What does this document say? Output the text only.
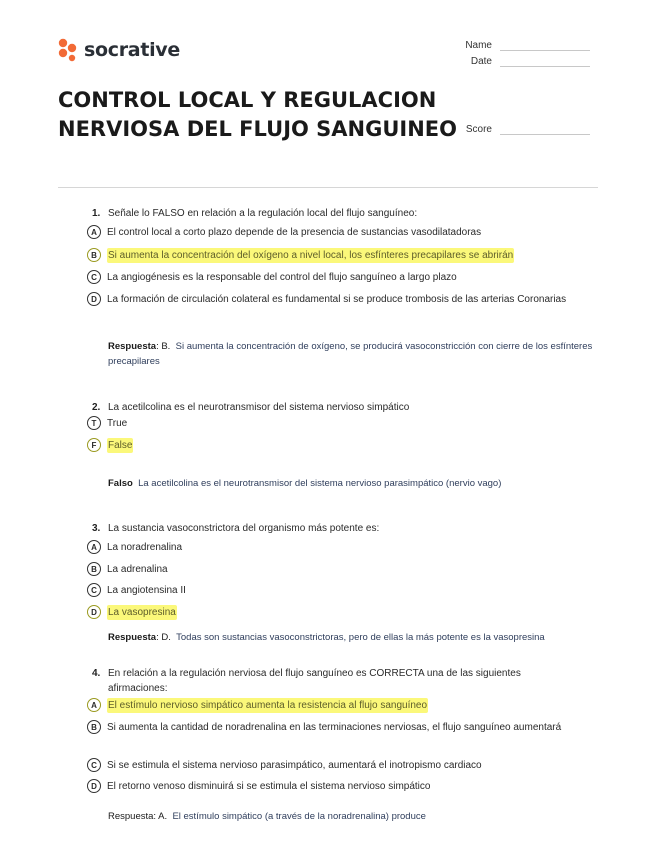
socrative	Name
Date
Score
CONTROL LOCAL Y REGULACION NERVIOSA DEL FLUJO SANGUINEO
1. Señale lo FALSO en relación a la regulación local del flujo sanguíneo:
A	El control local a corto plazo depende de la presencia de sustancias vasodilatadoras
B	Si aumenta la concentración del oxígeno a nivel local, los esfínteres precapilares se abrirán
C	La angiogénesis es la responsable del control del flujo sanguíneo a largo plazo
D	La formación de circulación colateral es fundamental si se produce trombosis de las arterias Coronarias
Respuesta: B. Si aumenta la concentración de oxígeno, se producirá vasoconstricción con cierre de los esfínteres precapilares
2. La acetilcolina es el neurotransmisor del sistema nervioso simpático
T	True
F	False
Falso La acetilcolina es el neurotransmisor del sistema nervioso parasimpático (nervio vago)
3. La sustancia vasoconstrictora del organismo más potente es:
A	La noradrenalina
B	La adrenalina
C	La angiotensina II
D	La vasopresina
Respuesta: D. Todas son sustancias vasoconstrictoras, pero de ellas la más potente es la vasopresina
4. En relación a la regulación nerviosa del flujo sanguíneo es CORRECTA una de las siguientes afirmaciones:
A	El estímulo nervioso simpático aumenta la resistencia al flujo sanguíneo
B	Si aumenta la cantidad de noradrenalina en las terminaciones nerviosas, el flujo sanguíneo aumentará
C	Si se estimula el sistema nervioso parasimpático, aumentará el inotropismo cardiaco
D	El retorno venoso disminuirá si se estimula el sistema nervioso simpático
Respuesta: A. El estímulo simpático (a través de la noradrenalina) produce
